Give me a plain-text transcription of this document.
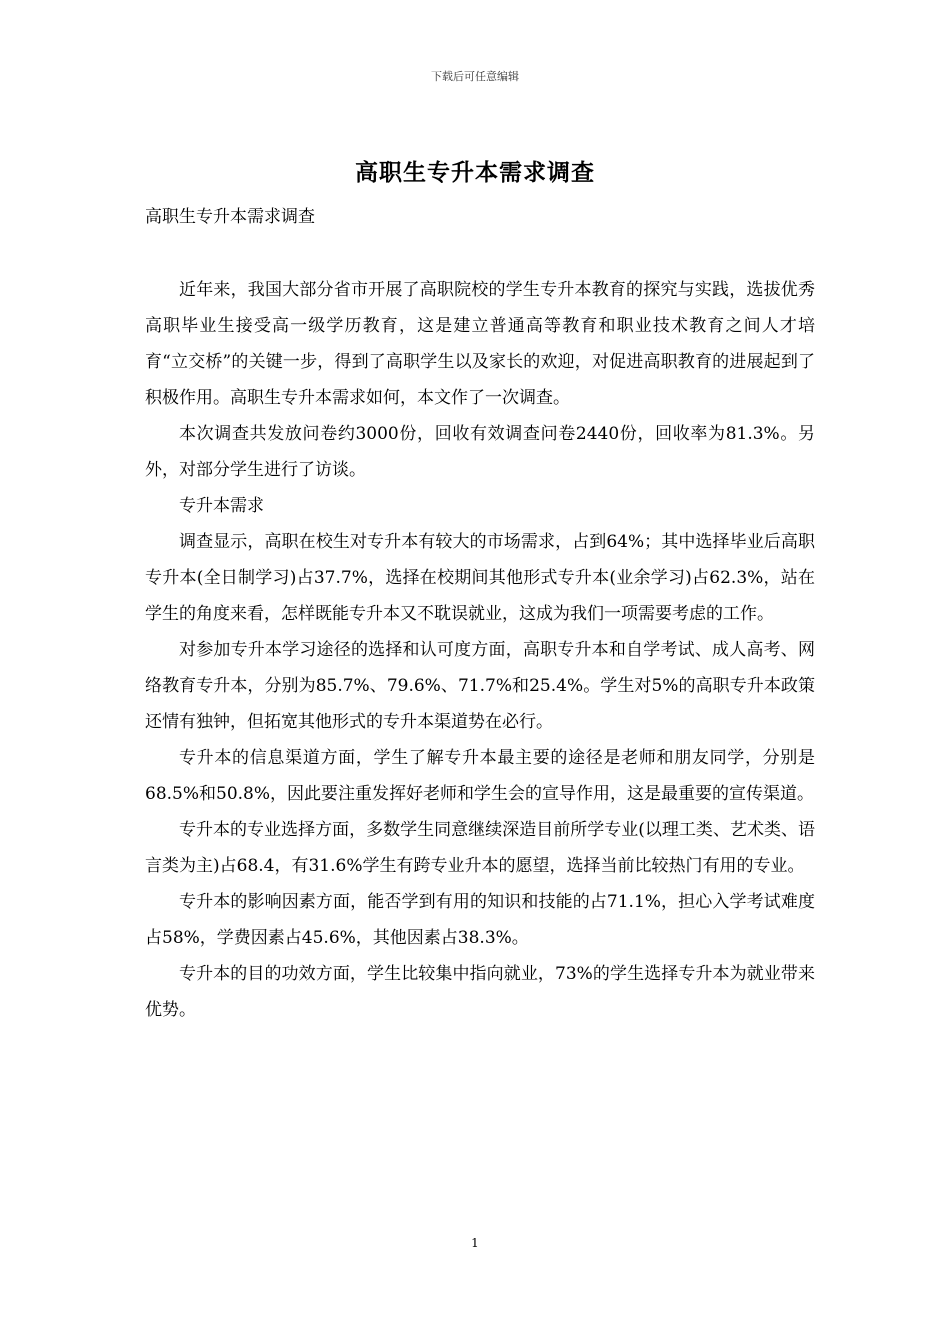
下载后可任意编辑
高职生专升本需求调查
高职生专升本需求调查

近年来，我国大部分省市开展了高职院校的学生专升本教育的探究与实践，选拔优秀高职毕业生接受高一级学历教育，这是建立普通高等教育和职业技术教育之间人才培育“立交桥”的关键一步，得到了高职学生以及家长的欢迎，对促进高职教育的进展起到了积极作用。高职生专升本需求如何，本文作了一次调查。

本次调查共发放问卷约3000份，回收有效调查问卷2440份，回收率为81.3%。另外，对部分学生进行了访谈。

专升本需求

调查显示，高职在校生对专升本有较大的市场需求，占到64%；其中选择毕业后高职专升本(全日制学习)占37.7%，选择在校期间其他形式专升本(业余学习)占62.3%，站在学生的角度来看，怎样既能专升本又不耽误就业，这成为我们一项需要考虑的工作。

对参加专升本学习途径的选择和认可度方面，高职专升本和自学考试、成人高考、网络教育专升本，分别为85.7%、79.6%、71.7%和25.4%。学生对5%的高职专升本政策还情有独钟，但拓宽其他形式的专升本渠道势在必行。

专升本的信息渠道方面，学生了解专升本最主要的途径是老师和朋友同学，分别是68.5%和50.8%，因此要注重发挥好老师和学生会的宣导作用，这是最重要的宣传渠道。

专升本的专业选择方面，多数学生同意继续深造目前所学专业(以理工类、艺术类、语言类为主)占68.4，有31.6%学生有跨专业升本的愿望，选择当前比较热门有用的专业。

专升本的影响因素方面，能否学到有用的知识和技能的占71.1%，担心入学考试难度占58%，学费因素占45.6%，其他因素占38.3%。

专升本的目的功效方面，学生比较集中指向就业，73%的学生选择专升本为就业带来优势。

1
